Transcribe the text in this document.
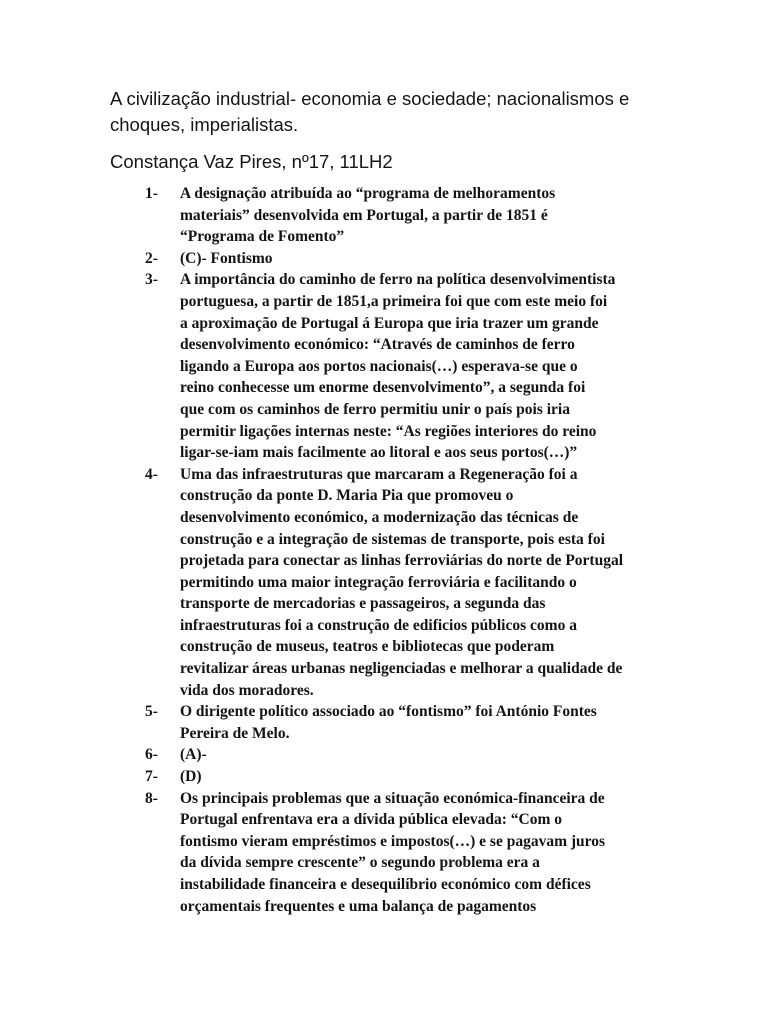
A civilização industrial- economia e sociedade; nacionalismos e choques, imperialistas.

Constança Vaz Pires, nº17, 11LH2

1-	A designação atribuída ao “programa de melhoramentos
materiais” desenvolvida em Portugal, a partir de 1851 é
“Programa de Fomento”
2-	(C)- Fontismo
3-	A importância do caminho de ferro na política desenvolvimentista
portuguesa, a partir de 1851,a primeira foi que com este meio foi
a aproximação de Portugal á Europa que iria trazer um grande
desenvolvimento económico: “Através de caminhos de ferro
ligando a Europa aos portos nacionais(…) esperava-se que o
reino conhecesse um enorme desenvolvimento”, a segunda foi
que com os caminhos de ferro permitiu unir o país pois iria
permitir ligações internas neste: “As regiões interiores do reino
ligar-se-iam mais facilmente ao litoral e aos seus portos(…)”
4-	Uma das infraestruturas que marcaram a Regeneração foi a
construção da ponte D. Maria Pia que promoveu o
desenvolvimento económico, a modernização das técnicas de
construção e a integração de sistemas de transporte, pois esta foi
projetada para conectar as linhas ferroviárias do norte de Portugal
permitindo uma maior integração ferroviária e facilitando o
transporte de mercadorias e passageiros, a segunda das
infraestruturas foi a construção de edificios públicos como a
construção de museus, teatros e bibliotecas que poderam
revitalizar áreas urbanas negligenciadas e melhorar a qualidade de
vida dos moradores.
5-	O dirigente político associado ao “fontismo” foi António Fontes
Pereira de Melo.
6-	(A)-
7-	(D)
8-	Os principais problemas que a situação económica-financeira de
Portugal enfrentava era a dívida pública elevada: “Com o
fontismo vieram empréstimos e impostos(…) e se pagavam juros
da dívida sempre crescente” o segundo problema era a
instabilidade financeira e desequilíbrio económico com défices
orçamentais frequentes e uma balança de pagamentos
